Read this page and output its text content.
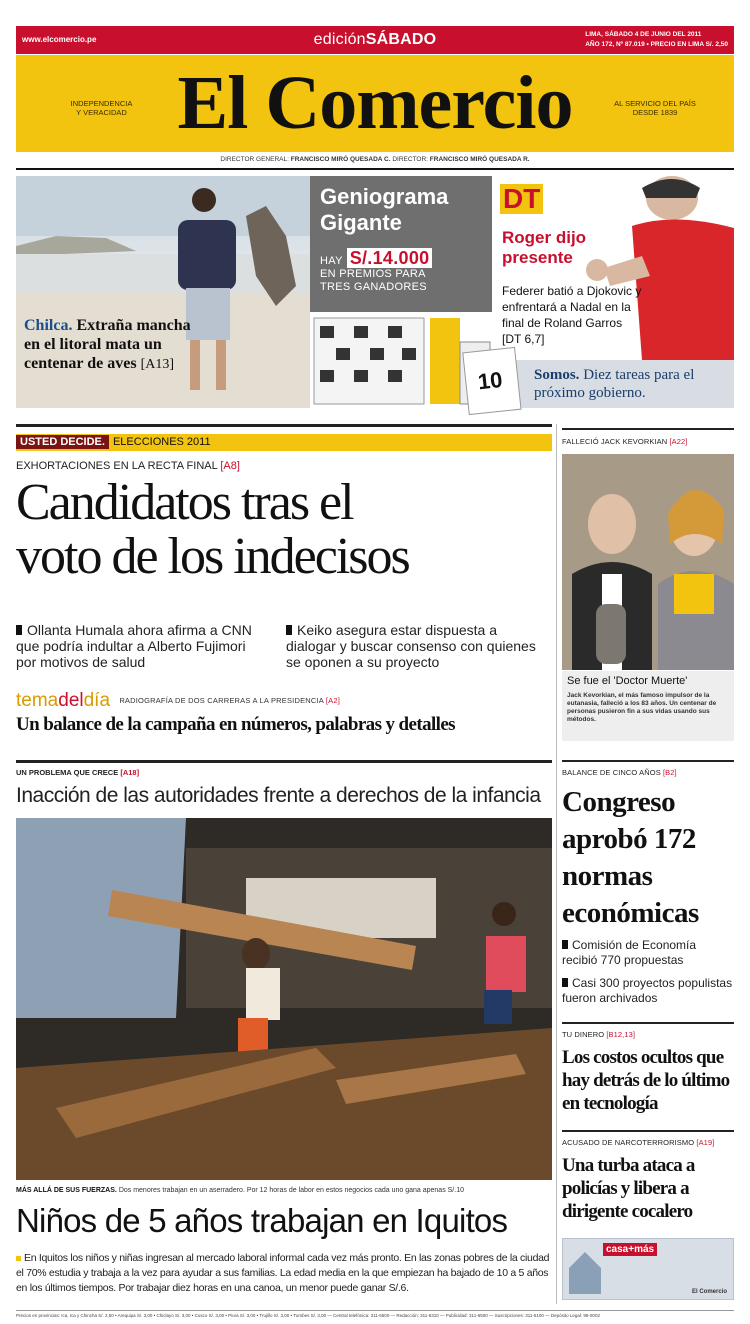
www.elcomercio.pe	ediciónSÁBADO	LIMA, SÁBADO 4 DE JUNIO DEL 2011
AÑO 172, Nº 87.019 • PRECIO EN LIMA S/. 2,50
INDEPENDENCIA
Y VERACIDAD El Comercio	AL SERVICIO DEL PAÍS
DESDE 1839
DIRECTOR GENERAL: FRANCISCO MIRÓ QUESADA C. DIRECTOR: FRANCISCO MIRÓ QUESADA R.
Chilca. Extraña mancha en el litoral mata un centenar de aves [A13]
Geniograma
Gigante
HAY S/.14.000
EN PREMIOS PARA
TRES GANADORES
DT
Roger dijo
presente
Federer batió a Djokovic y enfrentará a Nadal en la final de Roland Garros [DT 6,7]
Somos. Diez tareas para el próximo gobierno.
10
USTED DECIDE. ELECCIONES 2011
EXHORTACIONES EN LA RECTA FINAL [A8]
Candidatos tras el
voto de los indecisos
Ollanta Humala ahora afirma a CNN que podría indultar a Alberto Fujimori por motivos de salud
Keiko asegura estar dispuesta a dialogar y buscar consenso con quienes se oponen a su proyecto
temadeldía RADIOGRAFÍA DE DOS CARRERAS A LA PRESIDENCIA [A2]
Un balance de la campaña en números, palabras y detalles
FALLECIÓ JACK KEVORKIAN [A22]
Se fue el 'Doctor Muerte'
Jack Kevorkian, el más famoso impulsor de la eutanasia, falleció a los 83 años. Un centenar de personas pusieron fin a sus vidas usando sus métodos.
BALANCE DE CINCO AÑOS [B2]
Congreso
aprobó 172
normas
económicas
Comisión de Economía recibió 770 propuestas
Casi 300 proyectos populistas fueron archivados
TU DINERO [B12,13]
Los costos ocultos que hay detrás de lo último en tecnología
ACUSADO DE NARCOTERRORISMO [A19]
Una turba ataca a policías y libera a dirigente cocalero
casa+más
El Comercio
UN PROBLEMA QUE CRECE [A18]
Inacción de las autoridades frente a derechos de la infancia
MÁS ALLÁ DE SUS FUERZAS. Dos menores trabajan en un aserradero. Por 12 horas de labor en estos negocios cada uno gana apenas S/.10
Niños de 5 años trabajan en Iquitos
En Iquitos los niños y niñas ingresan al mercado laboral informal cada vez más pronto. En las zonas pobres de la ciudad el 70% estudia y trabaja a la vez para ayudar a sus familias. La edad media en la que empiezan ha bajado de 10 a 5 años en los últimos tiempos. Por trabajar diez horas en una canoa, un menor puede ganar S/.6.
Precios en provincias: Ica, Ica y Chincha S/. 2,50 • Arequipa S/. 3,00 • Chiclayo S/. 3,00 • Cusco S/. 3,00 • Piura S/. 3,00 • Trujillo S/. 3,00 • Tumbes S/. 3,00 — Central telefónica: 311-6500 — Redacción: 311-6310 — Publicidad: 311-6500 — Suscripciones: 311-5100 — Depósito Legal: 98-0002
